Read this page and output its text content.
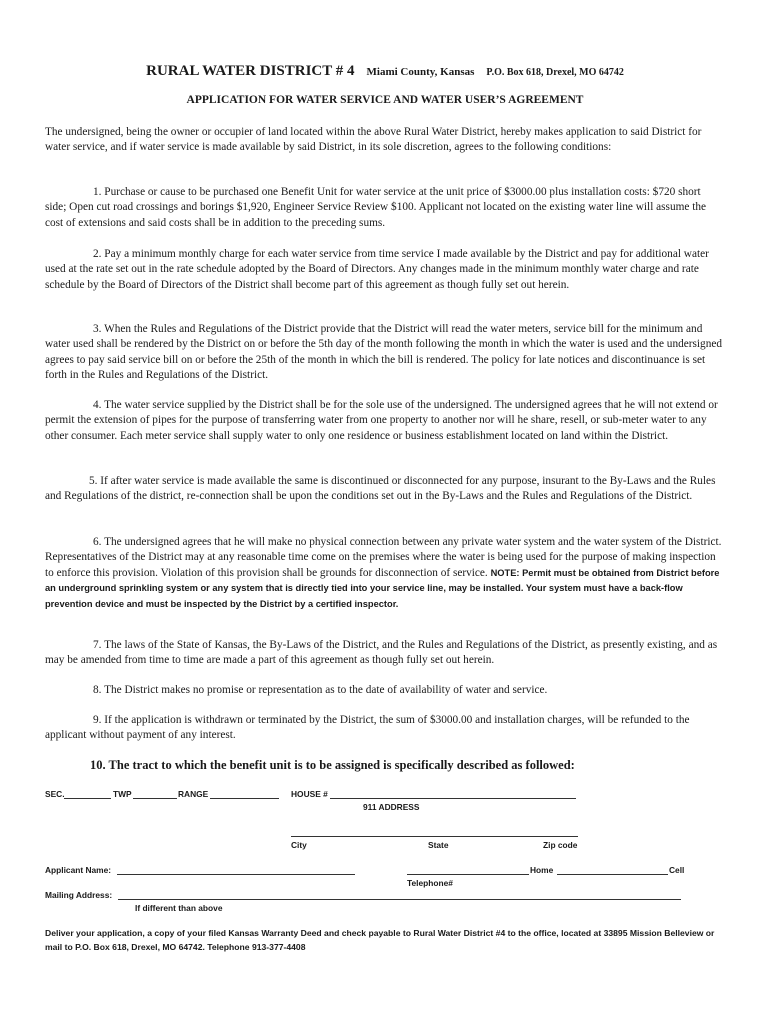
RURAL WATER DISTRICT # 4 Miami County, Kansas P.O. Box 618, Drexel, MO 64742
APPLICATION FOR WATER SERVICE AND WATER USER’S AGREEMENT

The undersigned, being the owner or occupier of land located within the above Rural Water District, hereby makes application to said District for water service, and if water service is made available by said District, in its sole discretion, agrees to the following conditions:

1. Purchase or cause to be purchased one Benefit Unit for water service at the unit price of $3000.00 plus installation costs: $720 short side; Open cut road crossings and borings $1,920, Engineer Service Review $100. Applicant not located on the existing water line will assume the cost of extensions and said costs shall be in addition to the preceding sums.

2. Pay a minimum monthly charge for each water service from time service I made available by the District and pay for additional water used at the rate set out in the rate schedule adopted by the Board of Directors. Any changes made in the minimum monthly water charge and rate schedule by the Board of Directors of the District shall become part of this agreement as though fully set out herein.

3. When the Rules and Regulations of the District provide that the District will read the water meters, service bill for the minimum and water used shall be rendered by the District on or before the 5th day of the month following the month in which the water is used and the undersigned agrees to pay said service bill on or before the 25th of the month in which the bill is rendered. The policy for late notices and discontinuance is set forth in the Rules and Regulations of the District.

4. The water service supplied by the District shall be for the sole use of the undersigned. The undersigned agrees that he will not extend or permit the extension of pipes for the purpose of transferring water from one property to another nor will he share, resell, or sub-meter water to any other consumer. Each meter service shall supply water to only one residence or business establishment located on land within the District.

5. If after water service is made available the same is discontinued or disconnected for any purpose, insurant to the By-Laws and the Rules and Regulations of the district, re-connection shall be upon the conditions set out in the By-Laws and the Rules and Regulations of the District.

6. The undersigned agrees that he will make no physical connection between any private water system and the water system of the District. Representatives of the District may at any reasonable time come on the premises where the water is being used for the purpose of making inspection to enforce this provision. Violation of this provision shall be grounds for disconnection of service. NOTE: Permit must be obtained from District before an underground sprinkling system or any system that is directly tied into your service line, may be installed. Your system must have a back-flow prevention device and must be inspected by the District by a certified inspector.

7. The laws of the State of Kansas, the By-Laws of the District, and the Rules and Regulations of the District, as presently existing, and as may be amended from time to time are made a part of this agreement as though fully set out herein.

8. The District makes no promise or representation as to the date of availability of water and service.

9. If the application is withdrawn or terminated by the District, the sum of $3000.00 and installation charges, will be refunded to the applicant without payment of any interest.

10. The tract to which the benefit unit is to be assigned is specifically described as followed:
SEC.	TWP	RANGE	HOUSE #
911 ADDRESS
City	State	Zip code
Applicant Name:	Home	Cell
Telephone#
Mailing Address:
If different than above
Deliver your application, a copy of your filed Kansas Warranty Deed and check payable to Rural Water District #4 to the office, located at 33895 Mission Belleview or mail to P.O. Box 618, Drexel, MO 64742. Telephone 913-377-4408
